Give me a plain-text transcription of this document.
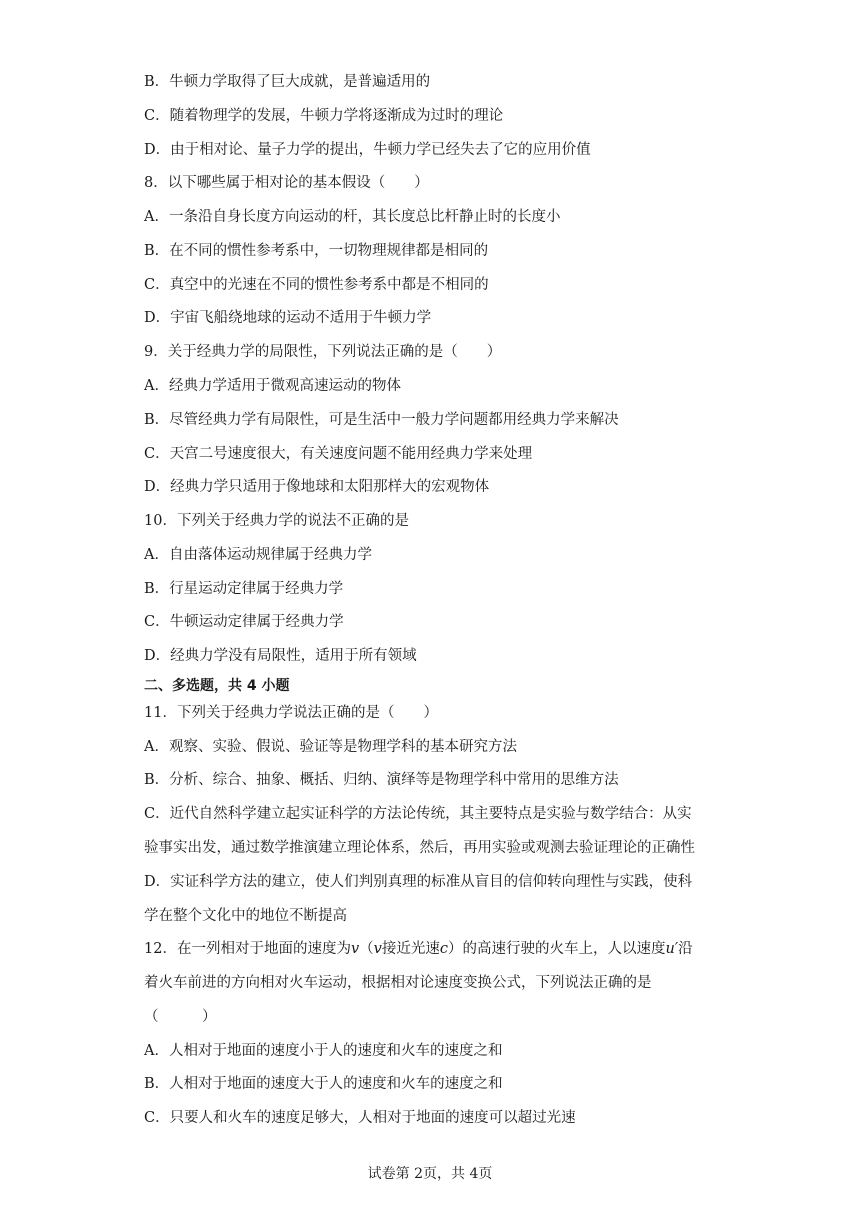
B．牛顿力学取得了巨大成就，是普遍适用的
C．随着物理学的发展，牛顿力学将逐渐成为过时的理论
D．由于相对论、量子力学的提出，牛顿力学已经失去了它的应用价值
8．以下哪些属于相对论的基本假设（　　）
A．一条沿自身长度方向运动的杆，其长度总比杆静止时的长度小
B．在不同的惯性参考系中，一切物理规律都是相同的
C．真空中的光速在不同的惯性参考系中都是不相同的
D．宇宙飞船绕地球的运动不适用于牛顿力学
9．关于经典力学的局限性，下列说法正确的是（　　）
A．经典力学适用于微观高速运动的物体
B．尽管经典力学有局限性，可是生活中一般力学问题都用经典力学来解决
C．天宫二号速度很大，有关速度问题不能用经典力学来处理
D．经典力学只适用于像地球和太阳那样大的宏观物体
10．下列关于经典力学的说法不正确的是
A．自由落体运动规律属于经典力学
B．行星运动定律属于经典力学
C．牛顿运动定律属于经典力学
D．经典力学没有局限性，适用于所有领域
二、多选题，共 4 小题
11．下列关于经典力学说法正确的是（　　）
A．观察、实验、假说、验证等是物理学科的基本研究方法
B．分析、综合、抽象、概括、归纳、演绎等是物理学科中常用的思维方法
C．近代自然科学建立起实证科学的方法论传统，其主要特点是实验与数学结合：从实
验事实出发，通过数学推演建立理论体系，然后，再用实验或观测去验证理论的正确性
D．实证科学方法的建立，使人们判别真理的标准从盲目的信仰转向理性与实践，使科
学在整个文化中的地位不断提高
12．在一列相对于地面的速度为v（v接近光速c）的高速行驶的火车上，人以速度u′沿
着火车前进的方向相对火车运动，根据相对论速度变换公式，下列说法正确的是
（　　　）
A．人相对于地面的速度小于人的速度和火车的速度之和
B．人相对于地面的速度大于人的速度和火车的速度之和
C．只要人和火车的速度足够大，人相对于地面的速度可以超过光速
试卷第 2页，共 4页
